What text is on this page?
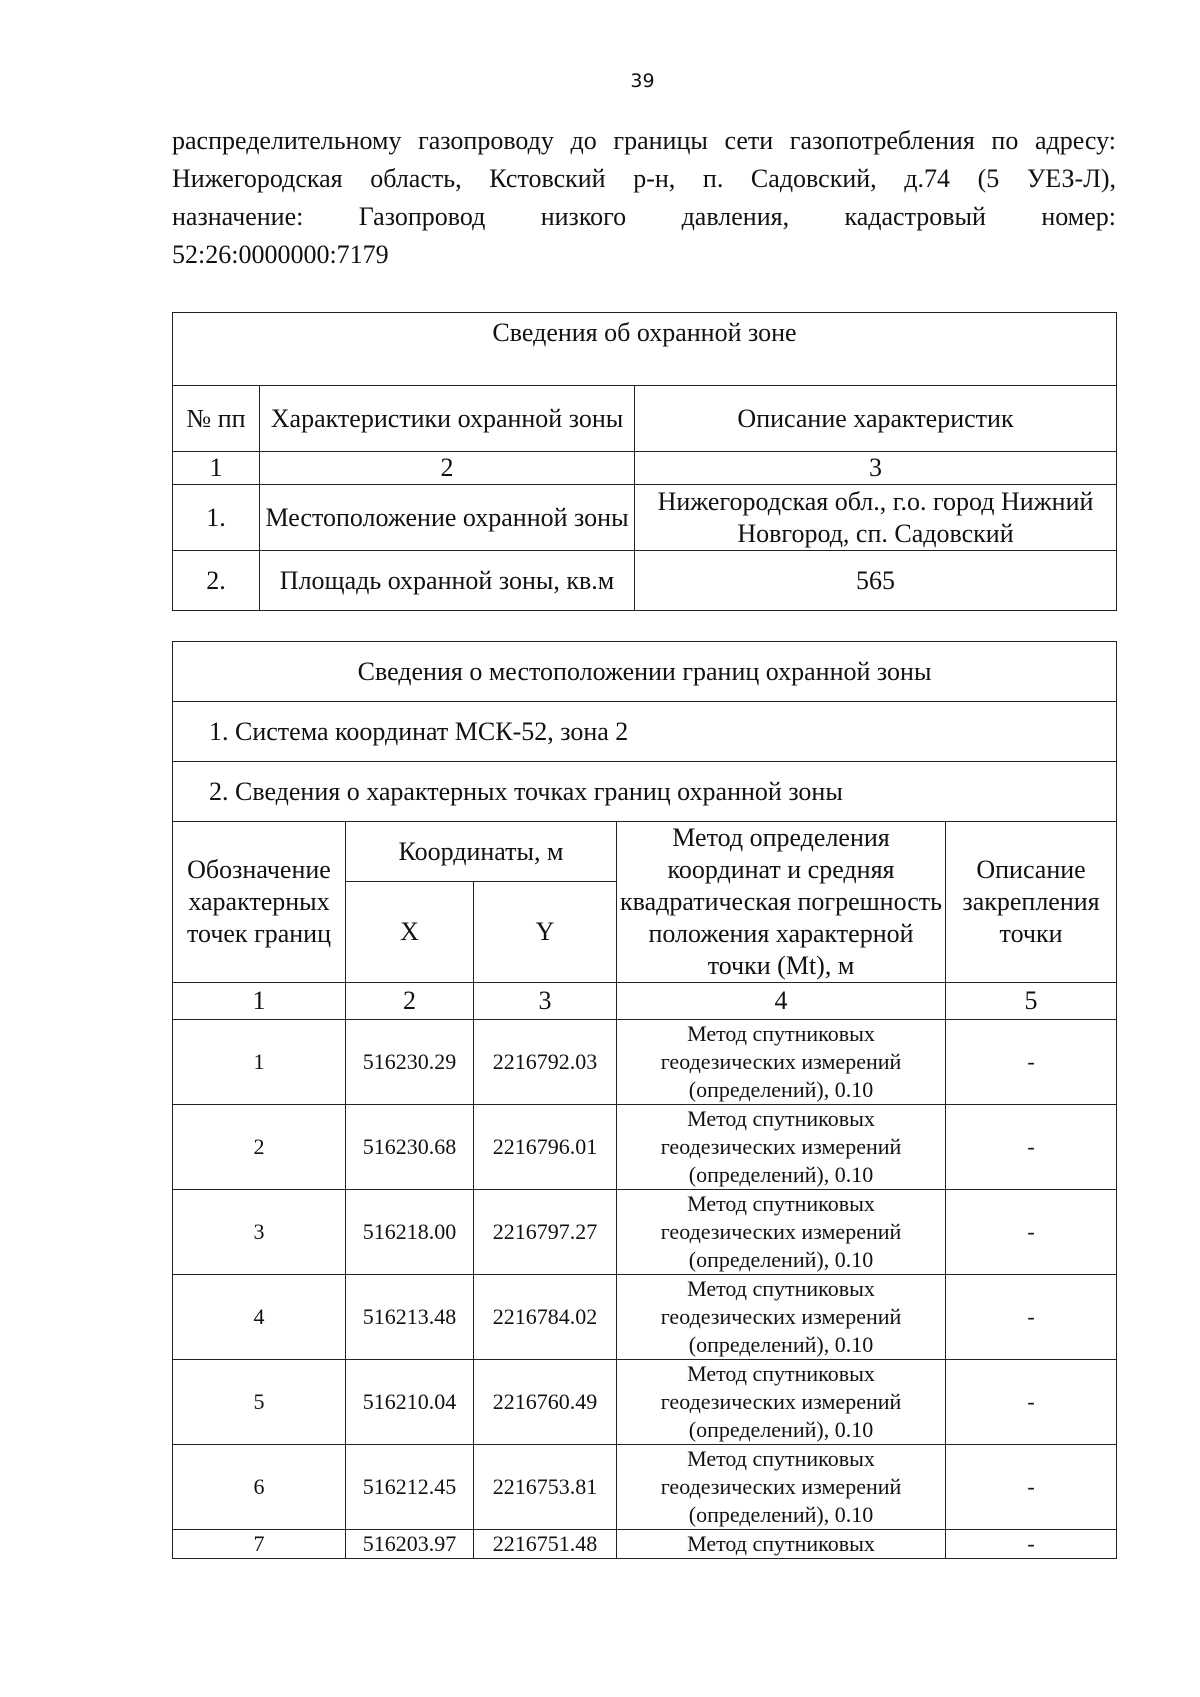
39
распределительному газопроводу до границы сети газопотребления по адресу:
Нижегородская область, Кстовский р-н, п. Садовский, д.74 (5 УЕЗ-Л),
назначение: Газопровод низкого давления, кадастровый номер:
52:26:0000000:7179
Сведения об охранной зоне		
№ пп	Характеристики охранной зоны	Описание характеристик
1	2	3
1.	Местоположение охранной зоны	Нижегородская обл., г.о. город Нижний Новгород, сп. Садовский
2.	Площадь охранной зоны, кв.м	565
Сведения о местоположении границ охранной зоны				
1. Система координат МСК-52, зона 2				
2. Сведения о характерных точках границ охранной зоны				
Обозначение характерных точек границ	Координаты, м		Метод определения координат и средняя квадратическая погрешность положения характерной точки (Mt), м	Описание закрепления точки
	X	Y		
1	2	3	4	5
1	516230.29	2216792.03	Метод спутниковых геодезических измерений (определений), 0.10	-
2	516230.68	2216796.01	Метод спутниковых геодезических измерений (определений), 0.10	-
3	516218.00	2216797.27	Метод спутниковых геодезических измерений (определений), 0.10	-
4	516213.48	2216784.02	Метод спутниковых геодезических измерений (определений), 0.10	-
5	516210.04	2216760.49	Метод спутниковых геодезических измерений (определений), 0.10	-
6	516212.45	2216753.81	Метод спутниковых геодезических измерений (определений), 0.10	-
7	516203.97	2216751.48	Метод спутниковых	-
